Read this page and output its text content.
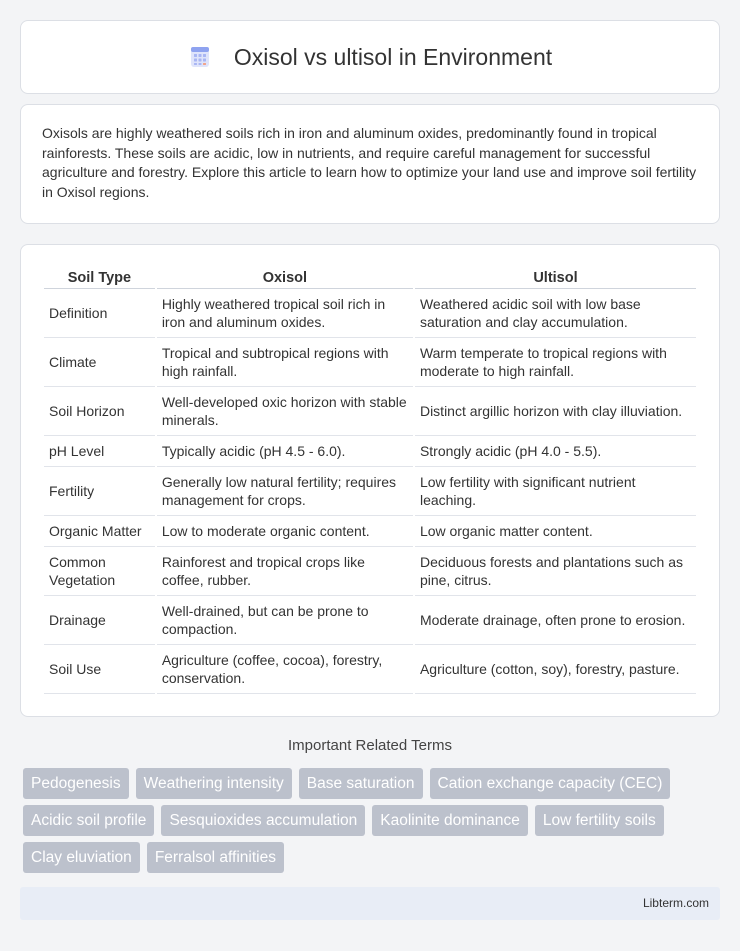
Oxisol vs ultisol in Environment

Oxisols are highly weathered soils rich in iron and aluminum oxides, predominantly found in tropical rainforests. These soils are acidic, low in nutrients, and require careful management for successful agriculture and forestry. Explore this article to learn how to optimize your land use and improve soil fertility in Oxisol regions.

Soil Type	Oxisol	Ultisol
Definition	Highly weathered tropical soil rich in iron and aluminum oxides.	Weathered acidic soil with low base saturation and clay accumulation.
Climate	Tropical and subtropical regions with high rainfall.	Warm temperate to tropical regions with moderate to high rainfall.
Soil Horizon	Well-developed oxic horizon with stable minerals.	Distinct argillic horizon with clay illuviation.
pH Level	Typically acidic (pH 4.5 - 6.0).	Strongly acidic (pH 4.0 - 5.5).
Fertility	Generally low natural fertility; requires management for crops.	Low fertility with significant nutrient leaching.
Organic Matter	Low to moderate organic content.	Low organic matter content.
Common Vegetation	Rainforest and tropical crops like coffee, rubber.	Deciduous forests and plantations such as pine, citrus.
Drainage	Well-drained, but can be prone to compaction.	Moderate drainage, often prone to erosion.
Soil Use	Agriculture (coffee, cocoa), forestry, conservation.	Agriculture (cotton, soy), forestry, pasture.
Important Related Terms
Pedogenesis	Weathering intensity	Base saturation	Cation exchange capacity (CEC)
Acidic soil profile	Sesquioxides accumulation	Kaolinite dominance	Low fertility soils
Clay eluviation	Ferralsol affinities
Libterm.com
